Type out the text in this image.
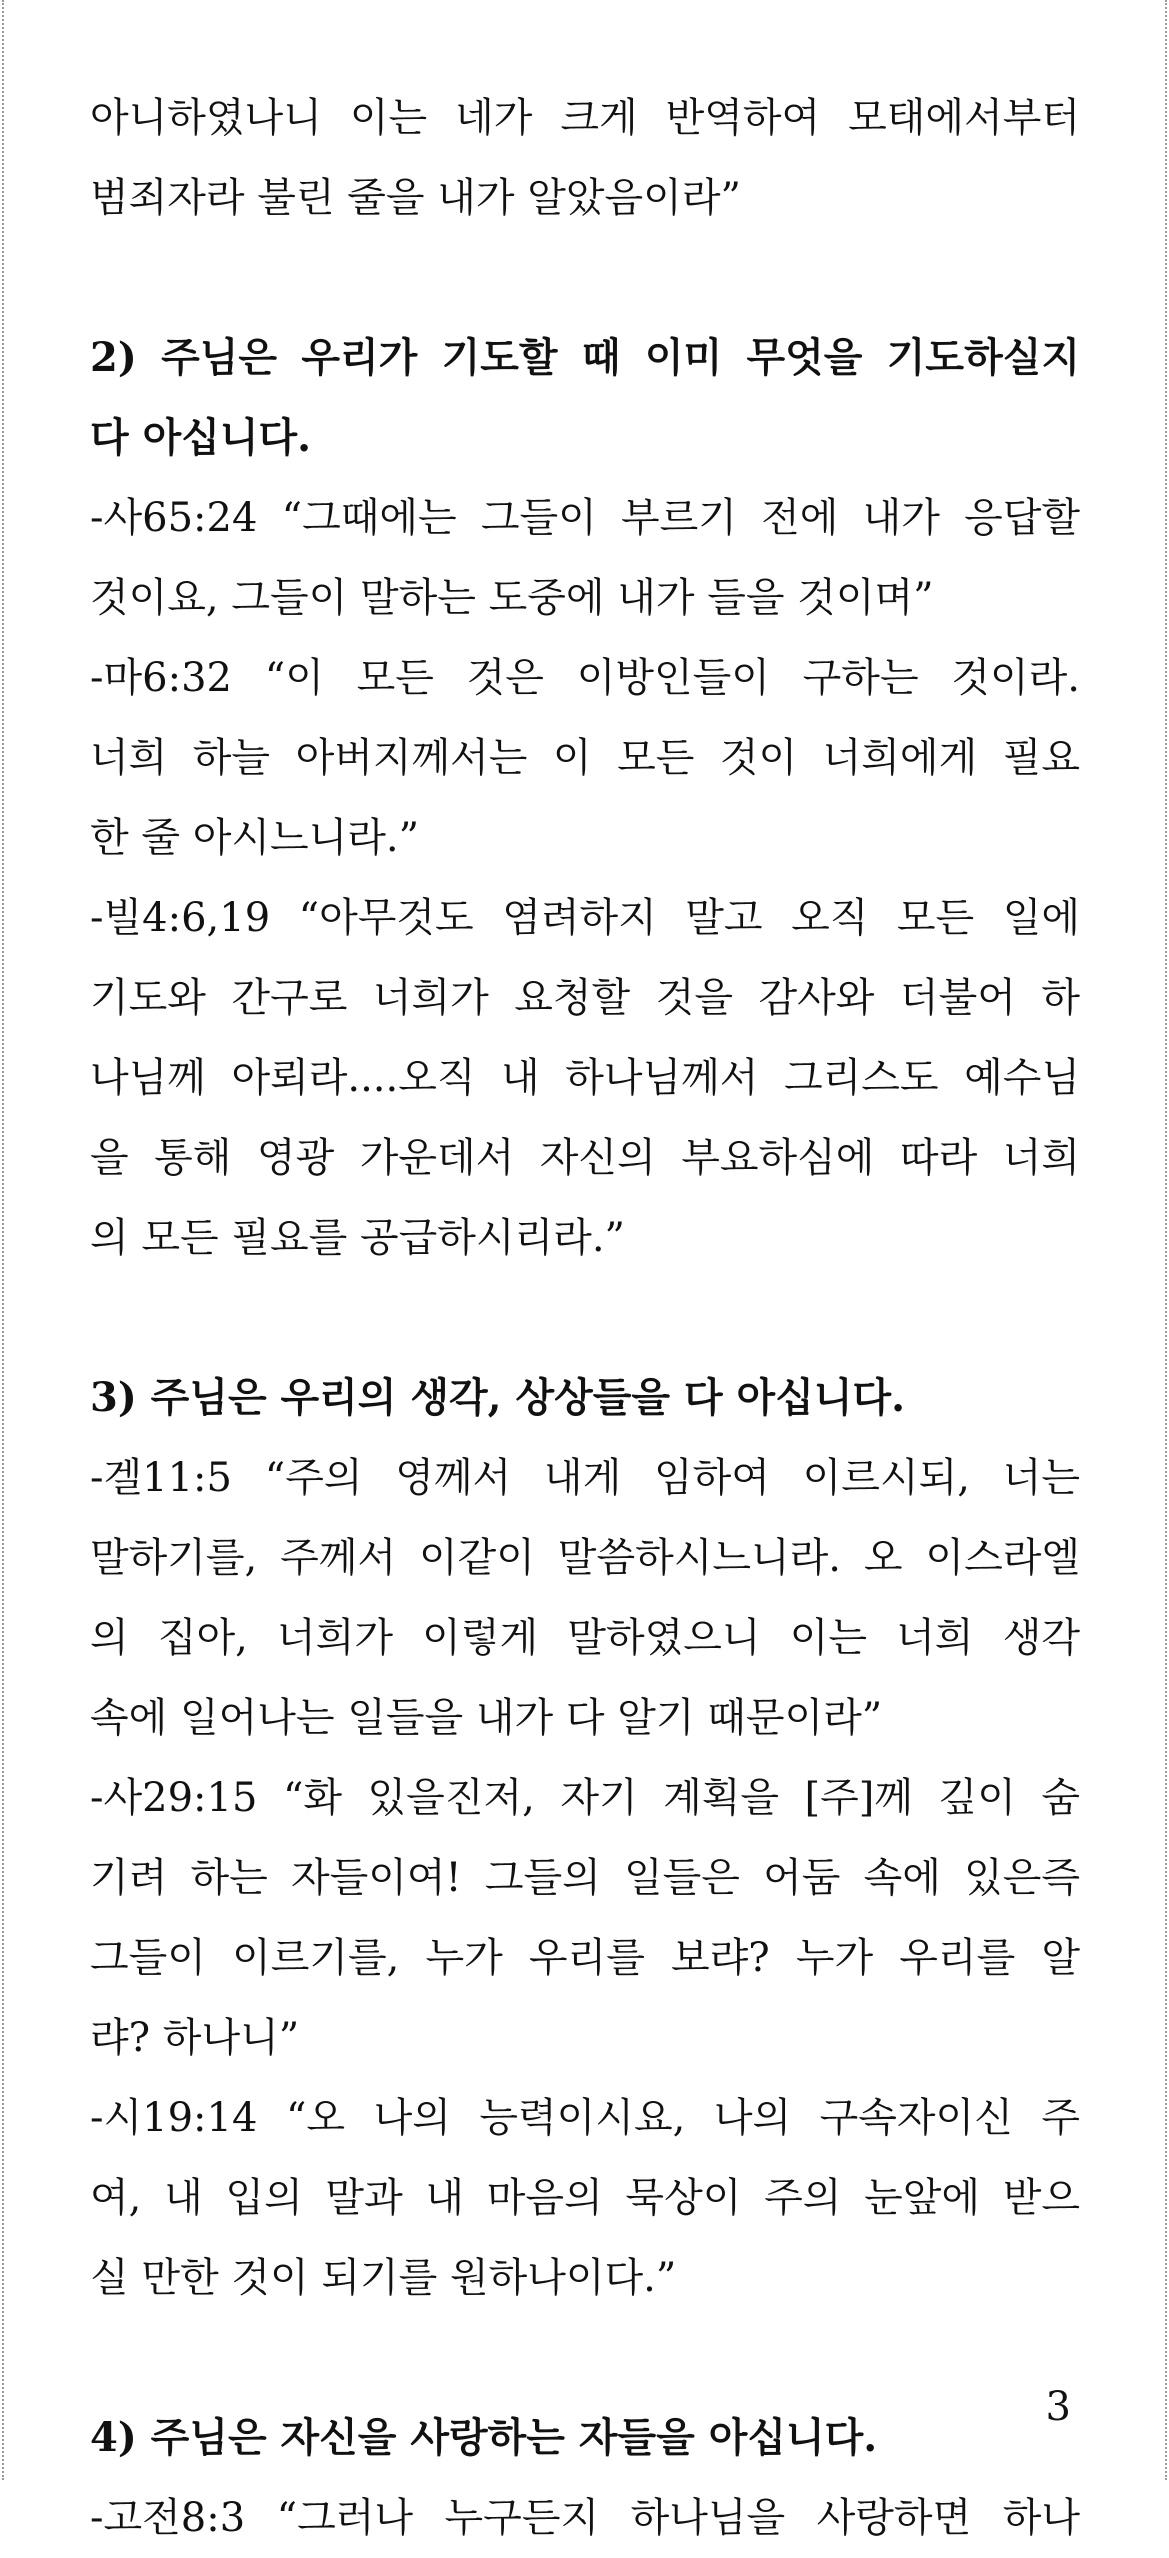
아니하였나니 이는 네가 크게 반역하여 모태에서부터
범죄자라 불린 줄을 내가 알았음이라”
2) 주님은 우리가 기도할 때 이미 무엇을 기도하실지
다 아십니다.
-사65:24 “그때에는 그들이 부르기 전에 내가 응답할
것이요, 그들이 말하는 도중에 내가 들을 것이며”
-마6:32 “이 모든 것은 이방인들이 구하는 것이라.
너희 하늘 아버지께서는 이 모든 것이 너희에게 필요
한 줄 아시느니라.”
-빌4:6,19 “아무것도 염려하지 말고 오직 모든 일에
기도와 간구로 너희가 요청할 것을 감사와 더불어 하
나님께 아뢰라....오직 내 하나님께서 그리스도 예수님
을 통해 영광 가운데서 자신의 부요하심에 따라 너희
의 모든 필요를 공급하시리라.”
3) 주님은 우리의 생각, 상상들을 다 아십니다.
-겔11:5 “주의 영께서 내게 임하여 이르시되, 너는
말하기를, 주께서 이같이 말씀하시느니라. 오 이스라엘
의 집아, 너희가 이렇게 말하였으니 이는 너희 생각
속에 일어나는 일들을 내가 다 알기 때문이라”
-사29:15 “화 있을진저, 자기 계획을 [주]께 깊이 숨
기려 하는 자들이여! 그들의 일들은 어둠 속에 있은즉
그들이 이르기를, 누가 우리를 보랴? 누가 우리를 알
랴? 하나니”
-시19:14 “오 나의 능력이시요, 나의 구속자이신 주
여, 내 입의 말과 내 마음의 묵상이 주의 눈앞에 받으
실 만한 것이 되기를 원하나이다.”
4) 주님은 자신을 사랑하는 자들을 아십니다.
-고전8:3 “그러나 누구든지 하나님을 사랑하면 하나
3
